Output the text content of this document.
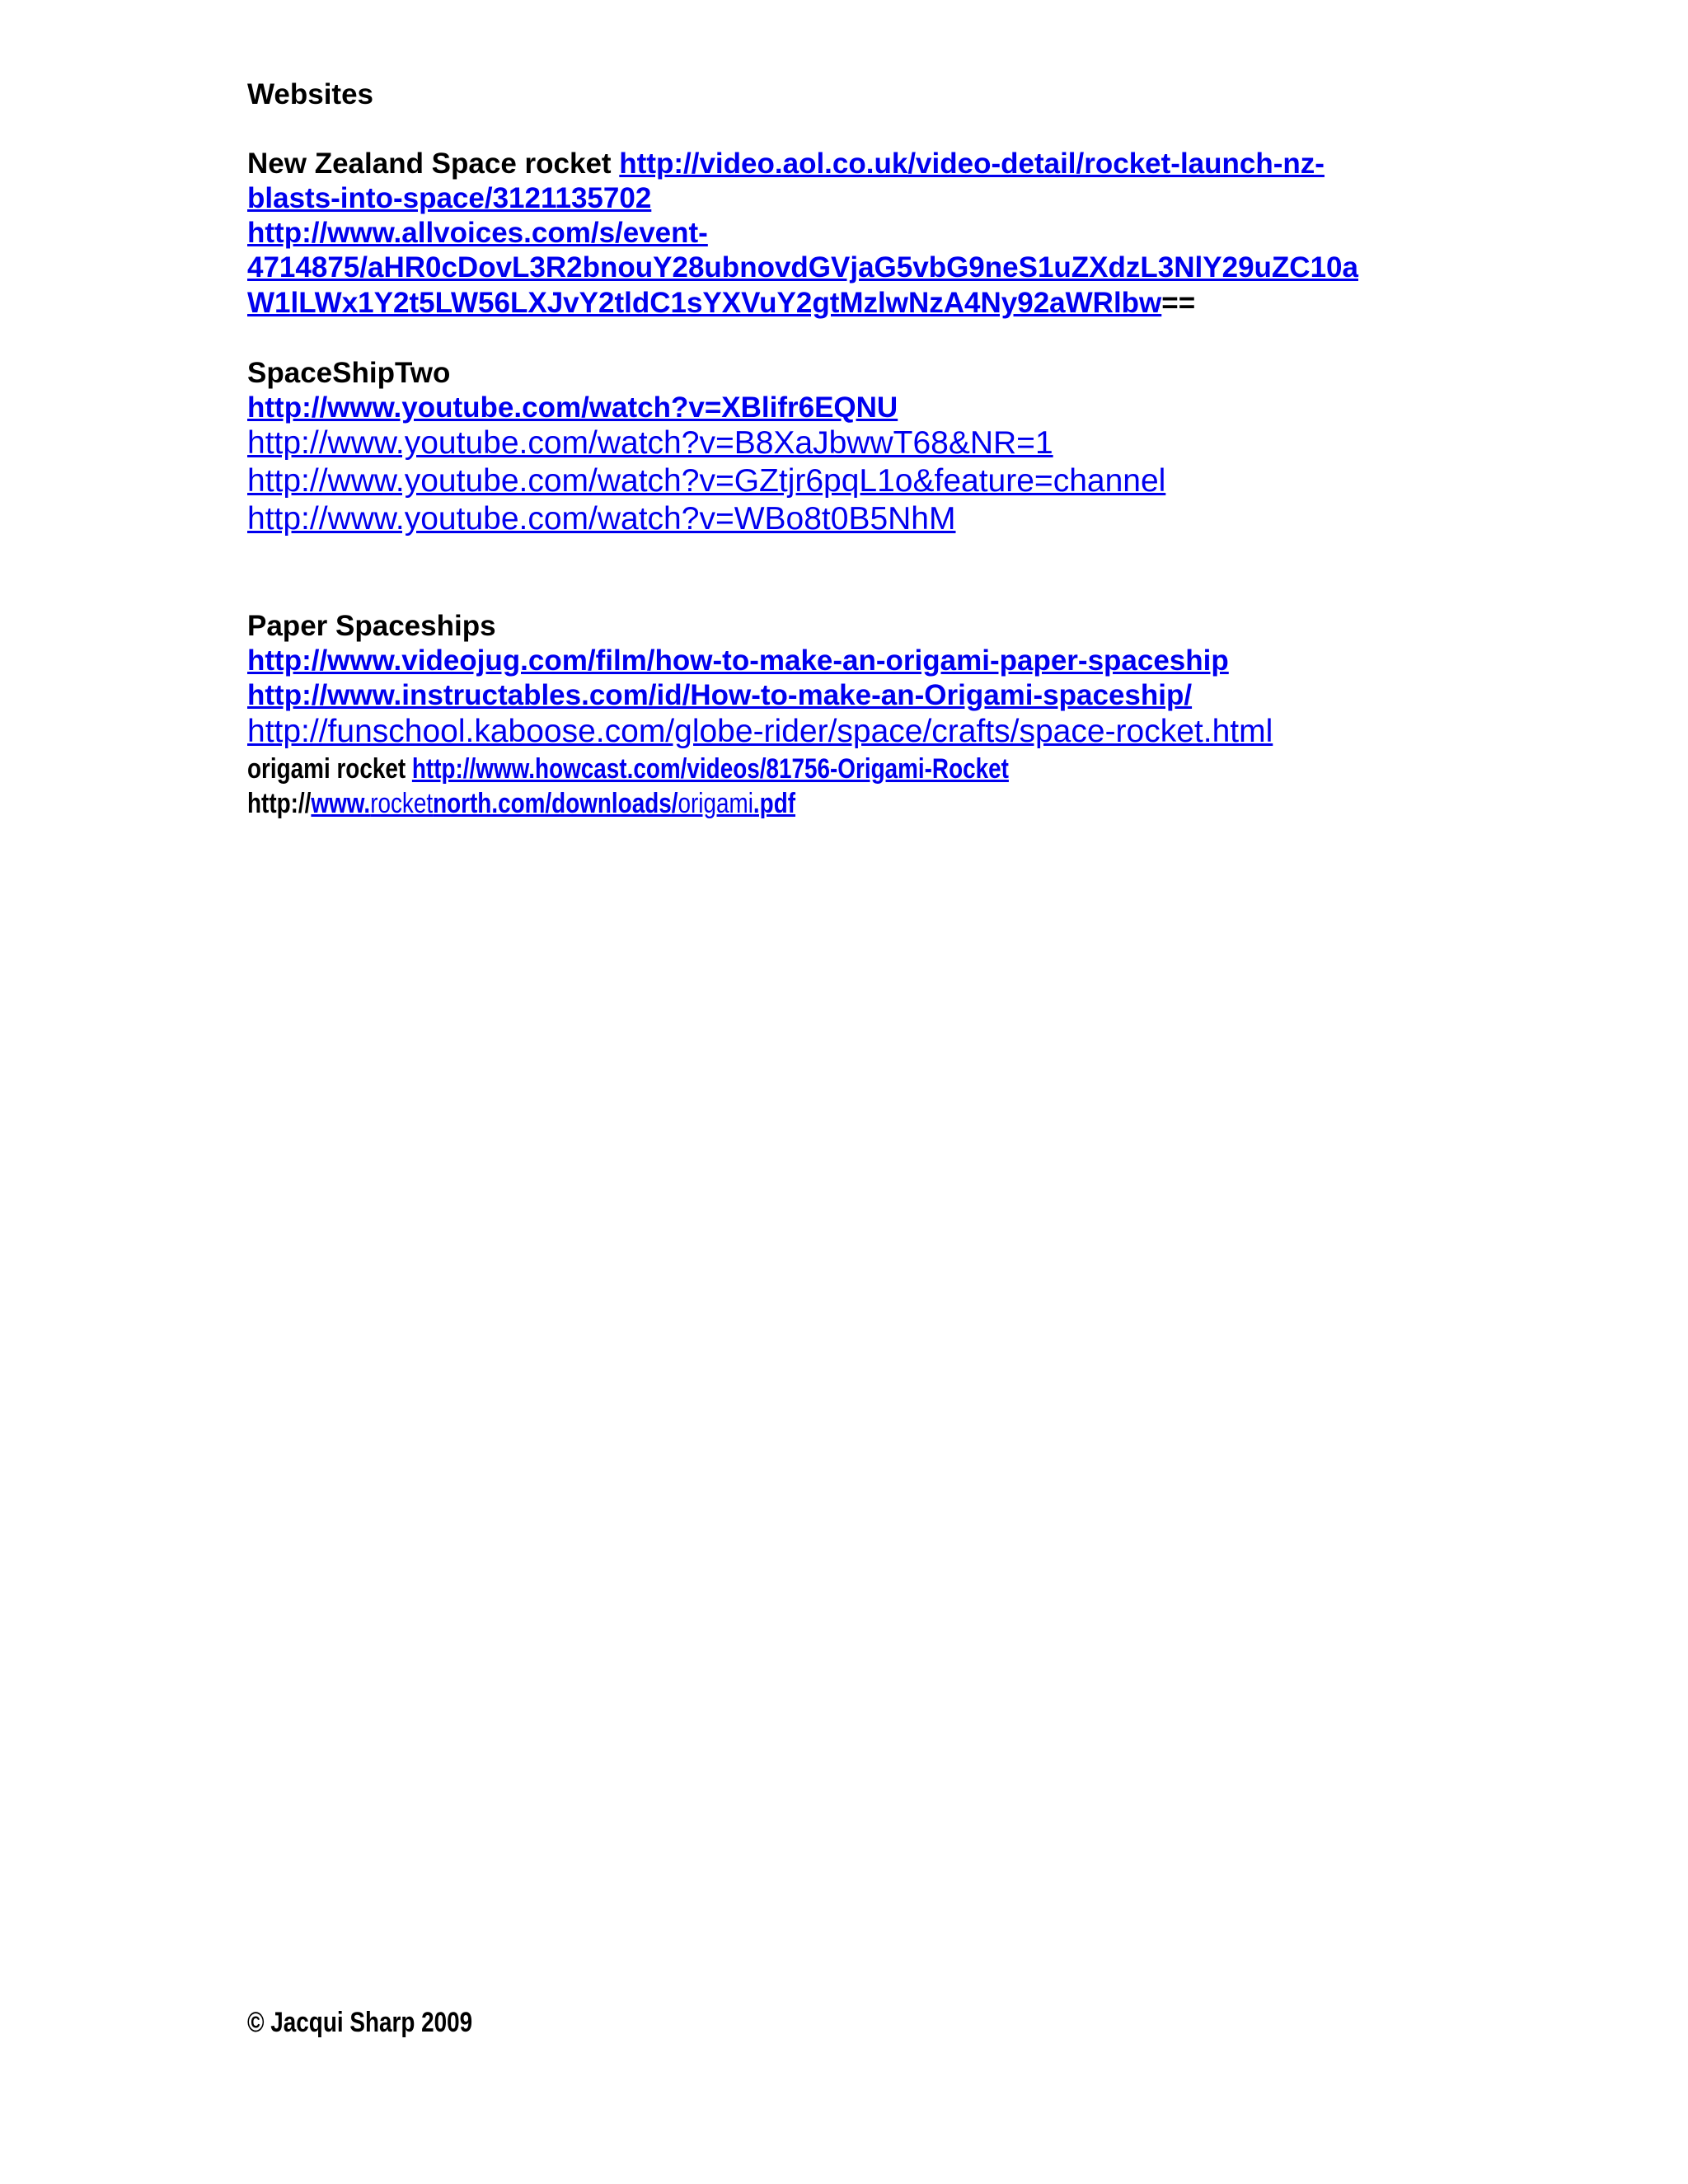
Websites
New Zealand Space rocket http://video.aol.co.uk/video-detail/rocket-launch-nz-
blasts-into-space/3121135702
http://www.allvoices.com/s/event-
4714875/aHR0cDovL3R2bnouY28ubnovdGVjaG5vbG9neS1uZXdzL3NlY29uZC10a
W1lLWx1Y2t5LW56LXJvY2tldC1sYXVuY2gtMzlwNzA4Ny92aWRlbw==
SpaceShipTwo
http://www.youtube.com/watch?v=XBlifr6EQNU
http://www.youtube.com/watch?v=B8XaJbwwT68&NR=1
http://www.youtube.com/watch?v=GZtjr6pqL1o&feature=channel
http://www.youtube.com/watch?v=WBo8t0B5NhM
Paper Spaceships
http://www.videojug.com/film/how-to-make-an-origami-paper-spaceship
http://www.instructables.com/id/How-to-make-an-Origami-spaceship/
http://funschool.kaboose.com/globe-rider/space/crafts/space-rocket.html
origami rocket http://www.howcast.com/videos/81756-Origami-Rocket
http://www.rocketnorth.com/downloads/origami.pdf
© Jacqui Sharp 2009
